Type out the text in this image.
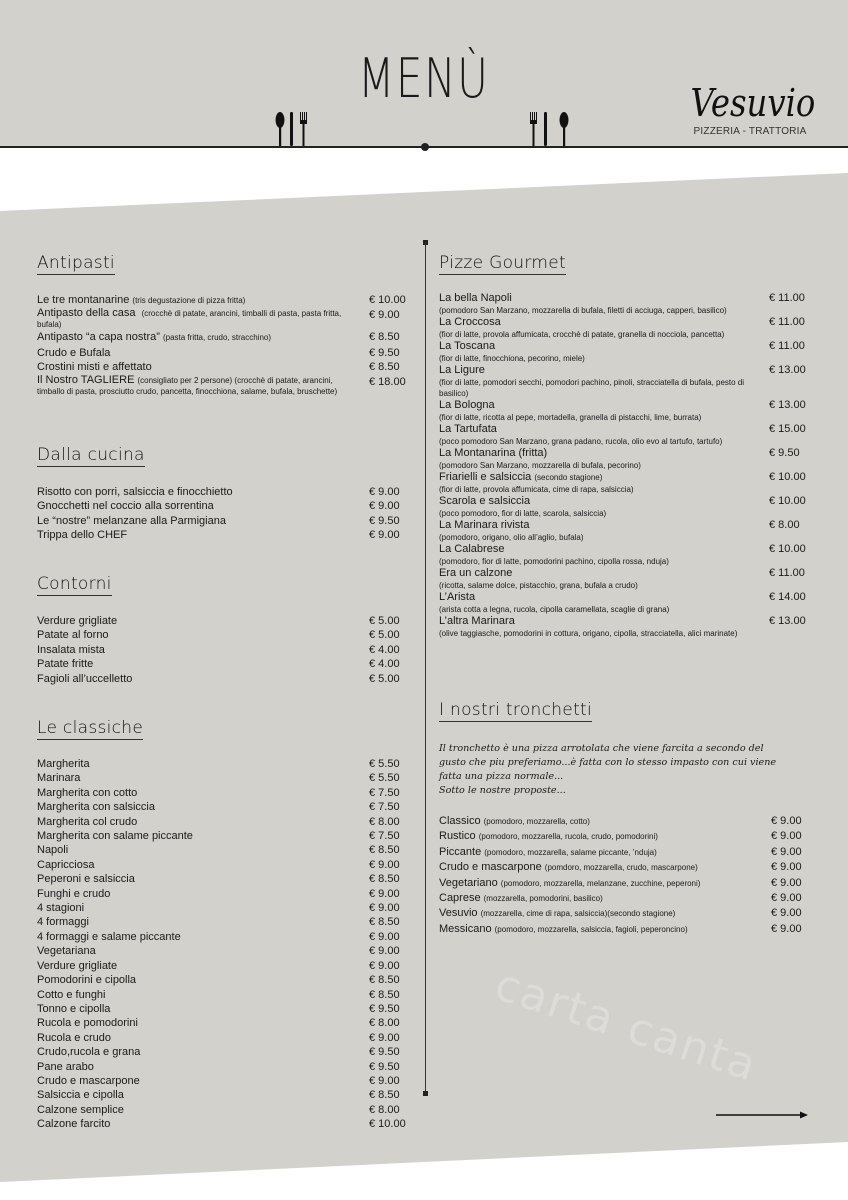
carta canta
MENÙ	Vesuvio
PIZZERIA - TRATTORIA
Antipasti
Le tre montanarine (tris degustazione di pizza fritta)	€ 10.00
Antipasto della casa (crocchè di patate, arancini, timballi di pasta, pasta fritta, bufala)
€ 9.00
Antipasto “a capa nostra” (pasta fritta, crudo, stracchino)	€ 8.50
Crudo e Bufala	€ 9.50
Crostini misti e affettato	€ 8.50
Il Nostro TAGLIERE (consigliato per 2 persone) (crocchè di patate, arancini, timballo di pasta, prosciutto crudo, pancetta, finocchiona, salame, bufala, bruschette)
€ 18.00
Dalla cucina
Risotto con porri, salsiccia e finocchietto	€ 9.00
Gnocchetti nel coccio alla sorrentina	€ 9.00
Le “nostre” melanzane alla Parmigiana	€ 9.50
Trippa dello CHEF	€ 9.00
Contorni
Verdure grigliate	€ 5.00
Patate al forno	€ 5.00
Insalata mista	€ 4.00
Patate fritte	€ 4.00
Fagioli all’uccelletto	€ 5.00
Le classiche
Margherita	€ 5.50
Marinara	€ 5.50
Margherita con cotto	€ 7.50
Margherita con salsiccia	€ 7.50
Margherita col crudo	€ 8.00
Margherita con salame piccante	€ 7.50
Napoli	€ 8.50
Capricciosa	€ 9.00
Peperoni e salsiccia	€ 8.50
Funghi e crudo	€ 9.00
4 stagioni	€ 9.00
4 formaggi	€ 8.50
4 formaggi e salame piccante	€ 9.00
Vegetariana	€ 9.00
Verdure grigliate	€ 9.00
Pomodorini e cipolla	€ 8.50
Cotto e funghi	€ 8.50
Tonno e cipolla	€ 9.50
Rucola e pomodorini	€ 8.00
Rucola e crudo	€ 9.00
Crudo,rucola e grana	€ 9.50
Pane arabo	€ 9.50
Crudo e mascarpone	€ 9.00
Salsiccia e cipolla	€ 8.50
Calzone semplice	€ 8.00
Calzone farcito	€ 10.00
Pizze Gourmet
La bella Napoli
(pomodoro San Marzano, mozzarella di bufala, filetti di acciuga, capperi, basilico)
€ 11.00
La Croccosa
(fior di latte, provola affumicata, crocchè di patate, granella di nocciola, pancetta)
€ 11.00
La Toscana
(fior di latte, finocchiona, pecorino, miele)
€ 11.00
La Ligure
(fior di latte, pomodori secchi, pomodori pachino, pinoli, stracciatella di bufala, pesto di basilico)
€ 13.00
La Bologna
(fior di latte, ricotta al pepe, mortadella, granella di pistacchi, lime, burrata)
€ 13.00
La Tartufata
(poco pomodoro San Marzano, grana padano, rucola, olio evo al tartufo, tartufo)
€ 15.00
La Montanarina (fritta)
(pomodoro San Marzano, mozzarella di bufala, pecorino)
€ 9.50
Friarielli e salsiccia (secondo stagione)
(fior di latte, provola affumicata, cime di rapa, salsiccia)
€ 10.00
Scarola e salsiccia
(poco pomodoro, fior di latte, scarola, salsiccia)
€ 10.00
La Marinara rivista
(pomodoro, origano, olio all’aglio, bufala)
€ 8.00
La Calabrese
(pomodoro, fior di latte, pomodorini pachino, cipolla rossa, nduja)
€ 10.00
Era un calzone
(ricotta, salame dolce, pistacchio, grana, bufala a crudo)
€ 11.00
L’Arista
(arista cotta a legna, rucola, cipolla caramellata, scaglie di grana)
€ 14.00
L’altra Marinara
(olive taggiasche, pomodorini in cottura, origano, cipolla, stracciatella, alici marinate)
€ 13.00
I nostri tronchetti

Il tronchetto è una pizza arrotolata che viene farcita a secondo del gusto che piu preferiamo...è fatta con lo stesso impasto con cui viene fatta una pizza normale...

Sotto le nostre proposte...

Classico (pomodoro, mozzarella, cotto)	€ 9.00
Rustico (pomodoro, mozzarella, rucola, crudo, pomodorini)	€ 9.00
Piccante (pomodoro, mozzarella, salame piccante, ’nduja)	€ 9.00
Crudo e mascarpone (pomdoro, mozzarella, crudo, mascarpone)	€ 9.00
Vegetariano (pomodoro, mozzarella, melanzane, zucchine, peperoni)	€ 9.00
Caprese (mozzarella, pomodorini, basilico)	€ 9.00
Vesuvio (mozzarella, cime di rapa, salsiccia)(secondo stagione)	€ 9.00
Messicano (pomodoro, mozzarella, salsiccia, fagioli, peperoncino)	€ 9.00
